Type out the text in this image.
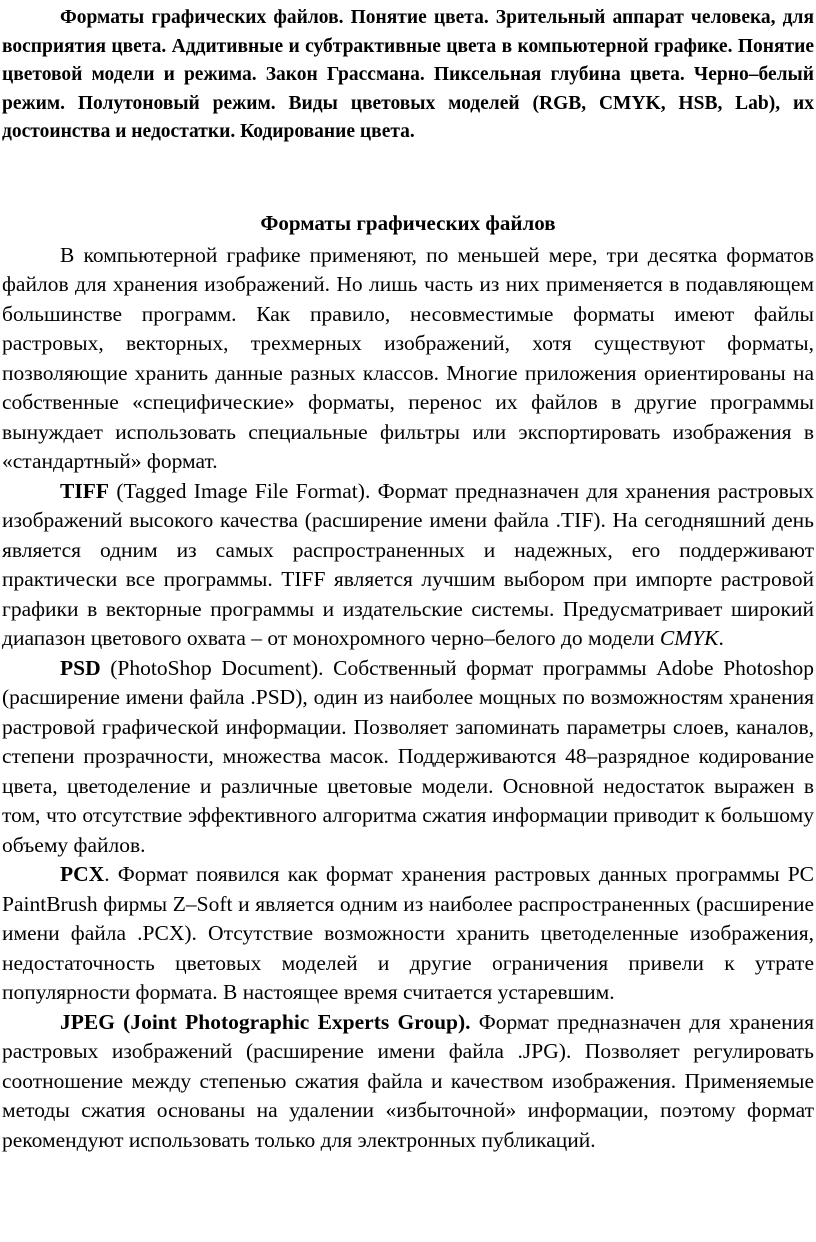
Форматы графических файлов. Понятие цвета. Зрительный аппарат человека, для восприятия цвета. Аддитивные и субтрактивные цвета в компьютерной графике. Понятие цветовой модели и режима. Закон Грассмана. Пиксельная глубина цвета. Черно–белый режим. Полутоновый режим. Виды цветовых моделей (RGB, CMYK, HSB, Lab), их достоинства и недостатки. Кодирование цвета.

Форматы графических файлов

В компьютерной графике применяют, по меньшей мере, три десятка форматов файлов для хранения изображений. Но лишь часть из них применяется в подавляющем большинстве программ. Как правило, несовместимые форматы имеют файлы растровых, векторных, трехмерных изображений, хотя существуют форматы, позволяющие хранить данные разных классов. Многие приложения ориентированы на собственные «специфические» форматы, перенос их файлов в другие программы вынуждает использовать специальные фильтры или экспортировать изображения в «стандартный» формат.

TIFF (Tagged Image File Format). Формат предназначен для хранения растровых изображений высокого качества (расширение имени файла .TIF). На сегодняшний день является одним из самых распространенных и надежных, его поддерживают практически все программы. TIFF является лучшим выбором при импорте растровой графики в векторные программы и издательские системы. Предусматривает широкий диапазон цветового охвата – от монохромного черно–белого до модели CMYK.

PSD (PhotoShop Document). Собственный формат программы Adobe Photoshop (расширение имени файла .PSD), один из наиболее мощных по возможностям хранения растровой графической информации. Позволяет запоминать параметры слоев, каналов, степени прозрачности, множества масок. Поддерживаются 48–разрядное кодирование цвета, цветоделение и различные цветовые модели. Основной недостаток выражен в том, что отсутствие эффективного алгоритма сжатия информации приводит к большому объему файлов.

PCX. Формат появился как формат хранения растровых данных программы PC PaintBrush фирмы Z–Soft и является одним из наиболее распространенных (расширение имени файла .PCX). Отсутствие возможности хранить цветоделенные изображения, недостаточность цветовых моделей и другие ограничения привели к утрате популярности формата. В настоящее время считается устаревшим.

JPEG (Joint Photographic Experts Group). Формат предназначен для хранения растровых изображений (расширение имени файла .JPG). Позволяет регулировать соотношение между степенью сжатия файла и качеством изображения. Применяемые методы сжатия основаны на удалении «избыточной» информации, поэтому формат рекомендуют использовать только для электронных публикаций.
